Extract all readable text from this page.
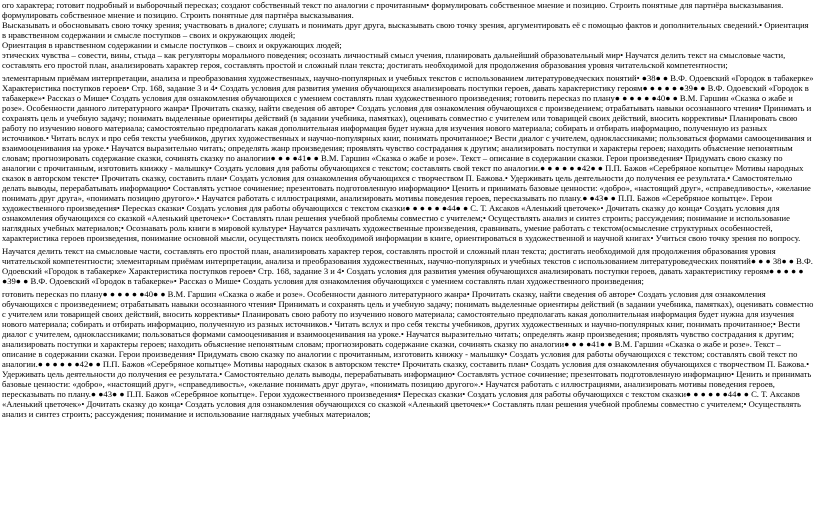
ого характера; готовит подробный и выборочный пересказ; создают собственный текст по аналогии с прочитанным• формулировать собственное мнение и позицию. Строить понятные для партнёра высказывания.

формулировать собственное мнение и позицию. Строить понятные для партнёра высказывания.

Высказывать и обосновывать свою точку зрения; участвовать в диалоге; слушать и понимать друг друга, высказывать свою точку зрения, аргументировать её с помощью фактов и дополнительных сведений.• Ориентация в нравственном содержании и смысле поступков – своих и окружающих людей;

Ориентация в нравственном содержании и смысле поступков – своих и окружающих людей;

этических чувства – совести, вины, стыда – как регуляторы морального поведения; осознать личностный смысл учения, планировать дальнейший образовательный мир• Научатся делить текст на смысловые части, составлять его простой план, анализировать характер героя, составлять простой и сложный план текста; достигать необходимой для продолжения образования уровня читательской компетентности;

элементарным приёмам интерпретации, анализа и преобразования художественных, научно-популярных и учебных текстов с использованием литературоведческих понятий• ●38● ● В.Ф. Одоевский «Городок в табакерке» Характеристика поступков героев• Стр. 168, задание 3 и 4• Создать условия для развития умения обучающихся анализировать поступки героев, давать характеристику героям● ● ● ● ● ●39● ● В.Ф. Одоевский «Городок в табакерке»• Рассказ о Мише• Создать условия для ознакомления обучающихся с умением составлять план художественного произведения; готовить пересказ по плану● ● ● ● ● ●40● ● В.М. Гаршин «Сказка о жабе и розе». Особенности данного литературного жанра• Прочитать сказку, найти сведения об авторе• Создать условия для ознакомления обучающихся с произведением; отрабатывать навыки осознанного чтения• Принимать и сохранять цель и учебную задачу; понимать выделенные ориентиры действий (в задании учебника, памятках), оценивать совместно с учителем или товарищей своих действий, вносить коррективы• Планировать свою работу по изучению нового материала; самостоятельно предполагать какая дополнительная информация будет нужна для изучения нового материала; собирать и отбирать информацию, полученную из разных источников.• Читать вслух и про себя тексты учебников, других художественных и научно-популярных книг, понимать прочитанное;• Вести диалог с учителем, одноклассниками; пользоваться формами самооценивания и взаимооценивания на уроке.• Научатся выразительно читать; определять жанр произведения; проявлять чувство сострадания к другим; анализировать поступки и характеры героев; находить объяснение непонятным словам; прогнозировать содержание сказки, сочинять сказку по аналогии● ● ● ●41● ● В.М. Гаршин «Сказка о жабе и розе». Текст – описание в содержании сказки. Герои произведения• Придумать свою сказку по аналогии с прочитанным, изготовить книжку - малышку• Создать условия для работы обучающихся с текстом; составлять свой текст по аналогии.● ● ● ● ● ●42● ● П.П. Бажов «Серебряное копытце» Мотивы народных сказок в авторском тексте• Прочитать сказку, составить план• Создать условия для ознакомления обучающихся с творчеством П. Бажова.• Удерживать цель деятельности до получения ее результата.• Самостоятельно делать выводы, перерабатывать информацию• Составлять устное сочинение; презентовать подготовленную информацию• Ценить и принимать базовые ценности: «добро», «настоящий друг», «справедливость», «желание понимать друг друга», «понимать позицию другого».• Научатся работать с иллюстрациями, анализировать мотивы поведения героев, пересказывать по плану.● ●43● ● П.П. Бажов «Серебряное копытце». Герои художественного произведения• Пересказ сказки• Создать условия для работы обучающихся с текстом сказки● ● ● ● ● ●44● ● С. Т. Аксаков «Аленький цветочек»• Дочитать сказку до конца• Создать условия для ознакомления обучающихся со сказкой «Аленький цветочек»• Составлять план решения учебной проблемы совместно с учителем;• Осуществлять анализ и синтез строить; рассуждения; понимание и использование наглядных учебных материалов;• Осознавать роль книги в мировой культуре• Научатся различать художественные произведения, сравнивать, умение работать с текстом(осмысление структурных особенностей, характеристика героев произведения, понимание основной мысли, осуществлять поиск необходимой информации в книге, ориентироваться в художественной и научной книгах• Учиться свою точку зрения по вопросу.

Научатся делить текст на смысловые части, составлять его простой план, анализировать характер героя, составлять простой и сложный план текста; достигать необходимой для продолжения образования уровня читательской компетентности; элементарным приёмам интерпретации, анализа и преобразования художественных, научно-популярных и учебных текстов с использованием литературоведческих понятий● ● ● 38● ● В.Ф. Одоевский «Городок в табакерке» Характеристика поступков героев• Стр. 168, задание 3 и 4• Создать условия для развития умения обучающихся анализировать поступки героев, давать характеристику героям● ● ● ● ● ●39● ● В.Ф. Одоевский «Городок в табакерке»• Рассказ о Мише• Создать условия для ознакомления обучающихся с умением составлять план художественного произведения;

готовить пересказ по плану● ● ● ● ● ●40● ● В.М. Гаршин «Сказка о жабе и розе». Особенности данного литературного жанра• Прочитать сказку, найти сведения об авторе• Создать условия для ознакомления обучающихся с произведением; отрабатывать навыки осознанного чтения• Принимать и сохранять цель и учебную задачу; понимать выделенные ориентиры действий (в задании учебника, памятках), оценивать совместно с учителем или товарищей своих действий, вносить коррективы• Планировать свою работу по изучению нового материала; самостоятельно предполагать какая дополнительная информация будет нужна для изучения нового материала; собирать и отбирать информацию, полученную из разных источников.• Читать вслух и про себя тексты учебников, других художественных и научно-популярных книг, понимать прочитанное;• Вести диалог с учителем, одноклассниками; пользоваться формами самооценивания и взаимооценивания на уроке.• Научатся выразительно читать; определять жанр произведения; проявлять чувство сострадания к другим; анализировать поступки и характеры героев; находить объяснение непонятным словам; прогнозировать содержание сказки, сочинять сказку по аналогии● ● ● ●41● ● В.М. Гаршин «Сказка о жабе и розе». Текст – описание в содержании сказки. Герои произведения• Придумать свою сказку по аналогии с прочитанным, изготовить книжку - малышку• Создать условия для работы обучающихся с текстом; составлять свой текст по аналогии.● ● ● ● ● ●42● ● П.П. Бажов «Серебряное копытце» Мотивы народных сказок в авторском тексте• Прочитать сказку, составить план• Создать условия для ознакомления обучающихся с творчеством П. Бажова.• Удерживать цель деятельности до получения ее результата.• Самостоятельно делать выводы, перерабатывать информацию• Составлять устное сочинение; презентовать подготовленную информацию• Ценить и принимать базовые ценности: «добро», «настоящий друг», «справедливость», «желание понимать друг друга», «понимать позицию другого».• Научатся работать с иллюстрациями, анализировать мотивы поведения героев, пересказывать по плану.● ●43● ● П.П. Бажов «Серебряное копытце». Герои художественного произведения• Пересказ сказки• Создать условия для работы обучающихся с текстом сказки● ● ● ● ● ●44● ● С. Т. Аксаков «Аленький цветочек»• Дочитать сказку до конца• Создать условия для ознакомления обучающихся со сказкой «Аленький цветочек»• Составлять план решения учебной проблемы совместно с учителем;• Осуществлять анализ и синтез строить; рассуждения; понимание и использование наглядных учебных материалов;
